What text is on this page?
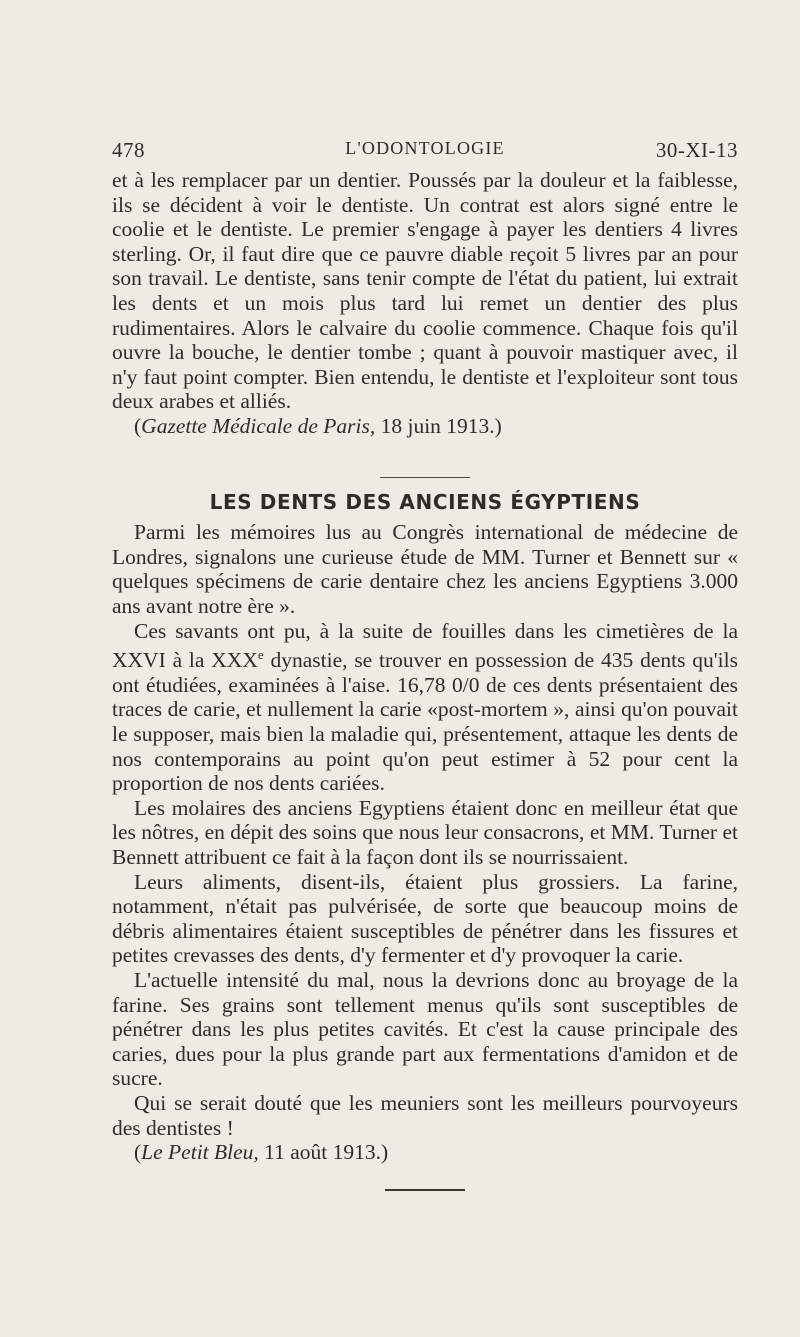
478	L'ODONTOLOGIE	30-XI-13

et à les remplacer par un dentier. Poussés par la douleur et la faiblesse, ils se décident à voir le dentiste. Un contrat est alors signé entre le coolie et le dentiste. Le premier s'engage à payer les dentiers 4 livres sterling. Or, il faut dire que ce pauvre diable reçoit 5 livres par an pour son travail. Le dentiste, sans tenir compte de l'état du patient, lui extrait les dents et un mois plus tard lui remet un dentier des plus rudimentaires. Alors le calvaire du coolie commence. Chaque fois qu'il ouvre la bouche, le dentier tombe ; quant à pouvoir mastiquer avec, il n'y faut point compter. Bien entendu, le dentiste et l'exploiteur sont tous deux arabes et alliés.

(Gazette Médicale de Paris, 18 juin 1913.)

LES DENTS DES ANCIENS ÉGYPTIENS

Parmi les mémoires lus au Congrès international de médecine de Londres, signalons une curieuse étude de MM. Turner et Bennett sur « quelques spécimens de carie dentaire chez les anciens Egyptiens 3.000 ans avant notre ère ».

Ces savants ont pu, à la suite de fouilles dans les cimetières de la XXVI à la XXXe dynastie, se trouver en possession de 435 dents qu'ils ont étudiées, examinées à l'aise. 16,78 0/0 de ces dents présentaient des traces de carie, et nullement la carie «post-mortem », ainsi qu'on pouvait le supposer, mais bien la maladie qui, présentement, attaque les dents de nos contemporains au point qu'on peut estimer à 52 pour cent la proportion de nos dents cariées.

Les molaires des anciens Egyptiens étaient donc en meilleur état que les nôtres, en dépit des soins que nous leur consacrons, et MM. Turner et Bennett attribuent ce fait à la façon dont ils se nourrissaient.

Leurs aliments, disent-ils, étaient plus grossiers. La farine, notamment, n'était pas pulvérisée, de sorte que beaucoup moins de débris alimentaires étaient susceptibles de pénétrer dans les fissures et petites crevasses des dents, d'y fermenter et d'y provoquer la carie.

L'actuelle intensité du mal, nous la devrions donc au broyage de la farine. Ses grains sont tellement menus qu'ils sont susceptibles de pénétrer dans les plus petites cavités. Et c'est la cause principale des caries, dues pour la plus grande part aux fermentations d'amidon et de sucre.

Qui se serait douté que les meuniers sont les meilleurs pourvoyeurs des dentistes !

(Le Petit Bleu, 11 août 1913.)
